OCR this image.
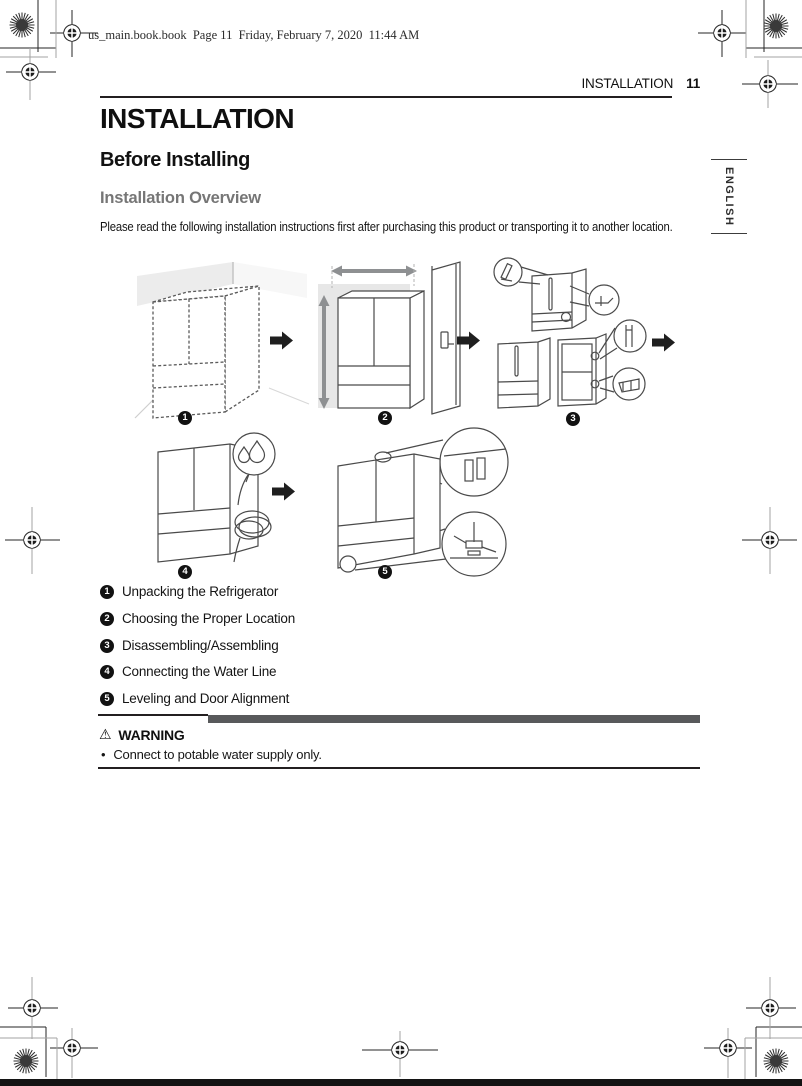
us_main.book.book  Page 11  Friday, February 7, 2020  11:44 AM
INSTALLATION 11
ENGLISH
INSTALLATION
Before Installing
Installation Overview
Please read the following installation instructions first after purchasing this product or transporting it to another location.
1	2	3
4	5
1 Unpacking the Refrigerator
2 Choosing the Proper Location
3 Disassembling/Assembling
4 Connecting the Water Line
5 Leveling and Door Alignment
⚠ WARNING
• Connect to potable water supply only.
